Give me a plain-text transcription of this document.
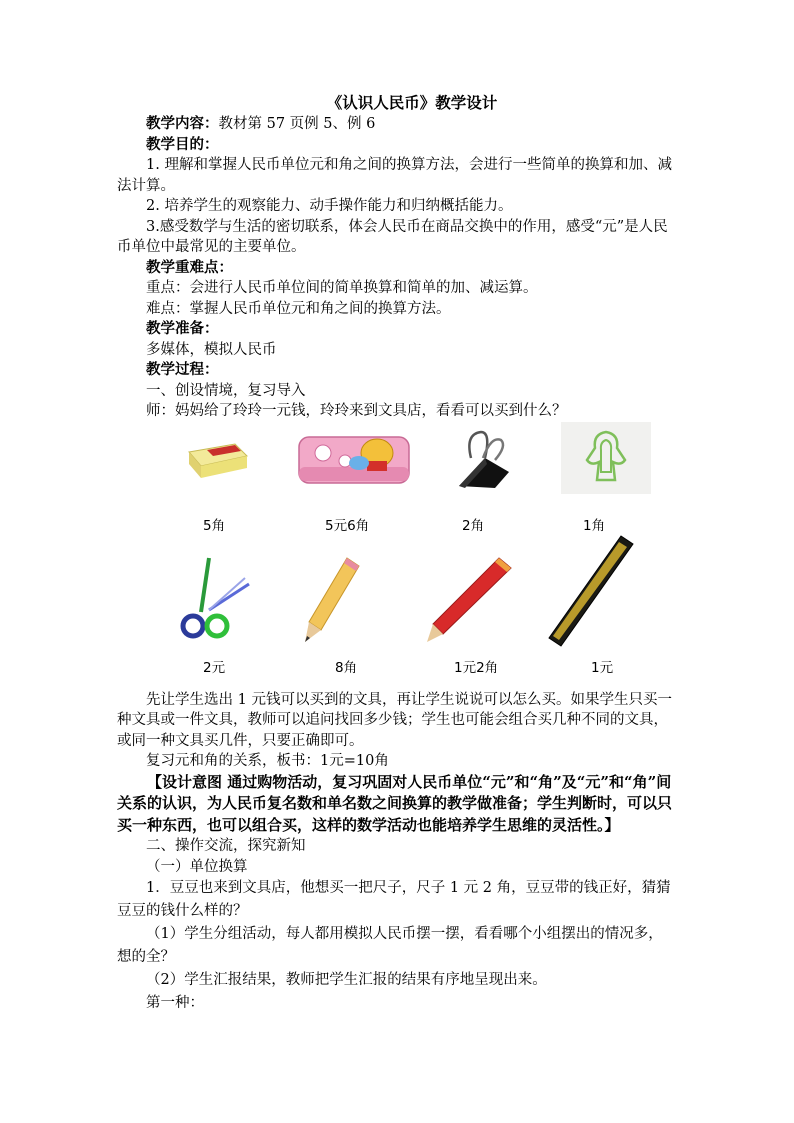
《认识人民币》教学设计

教学内容：教材第 57 页例 5、例 6

教学目的：

1. 理解和掌握人民币单位元和角之间的换算方法，会进行一些简单的换算和加、减法计算。

2. 培养学生的观察能力、动手操作能力和归纳概括能力。

3.感受数学与生活的密切联系，体会人民币在商品交换中的作用，感受“元”是人民币单位中最常见的主要单位。

教学重难点：

重点：会进行人民币单位间的简单换算和简单的加、减运算。

难点：掌握人民币单位元和角之间的换算方法。

教学准备：

多媒体，模拟人民币

教学过程：

一、创设情境，复习导入

师：妈妈给了玲玲一元钱，玲玲来到文具店，看看可以买到什么？

5角	5元6角	2角	1角
2元	8角	1元2角	1元

先让学生选出 1 元钱可以买到的文具，再让学生说说可以怎么买。如果学生只买一种文具或一件文具，教师可以追问找回多少钱；学生也可能会组合买几种不同的文具，或同一种文具买几件，只要正确即可。

复习元和角的关系，板书：1元=10角

【设计意图 通过购物活动，复习巩固对人民币单位“元”和“角”及“元”和“角”间关系的认识，为人民币复名数和单名数之间换算的教学做准备；学生判断时，可以只买一种东西，也可以组合买，这样的数学活动也能培养学生思维的灵活性。】

二、操作交流，探究新知

（一）单位换算

1．豆豆也来到文具店，他想买一把尺子，尺子 1 元 2 角，豆豆带的钱正好，猜猜豆豆的钱什么样的？

（1）学生分组活动，每人都用模拟人民币摆一摆，看看哪个小组摆出的情况多，想的全？

（2）学生汇报结果，教师把学生汇报的结果有序地呈现出来。

第一种：
